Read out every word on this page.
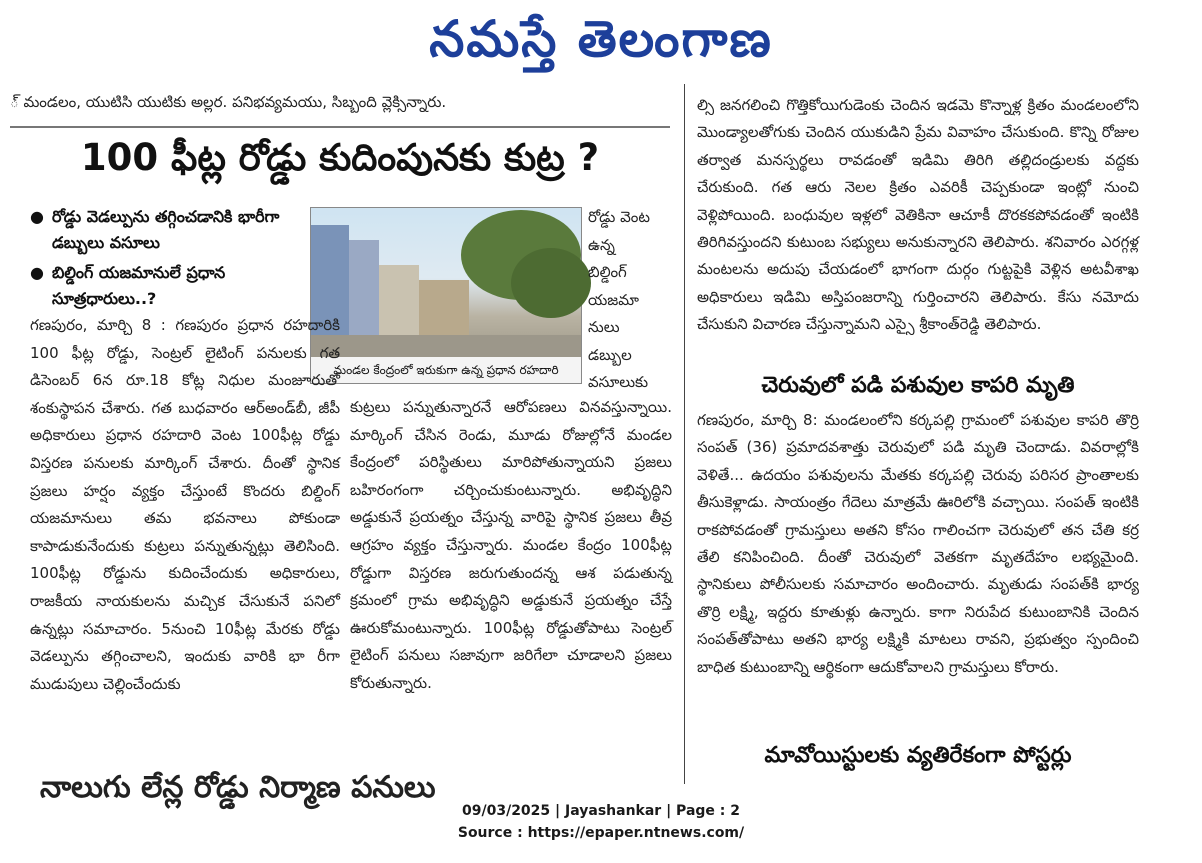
నమస్తే తెలంగాణ
్ మండలం, యుటిసి యుటికు అల్లర. పనిభవ్యమయు, సిబ్బంది వ్లెక్సిన్నారు.
100 ఫీట్ల రోడ్డు కుదింపునకు కుట్ర ?
● రోడ్డు వెడల్పును తగ్గించడానికి భారీగా డబ్బులు వసూలు
● బిల్డింగ్ యజమానులే ప్రధాన సూత్రధారులు..?
మండల కేంద్రంలో ఇరుకుగా ఉన్న ప్రధాన రహదారి
రోడ్డు వెంట
ఉన్న
బిల్డింగ్
యజమా
నులు
డబ్బుల
వసూలుకు
గణపురం, మార్చి 8 : గణపురం ప్రధాన రహదారికి 100 ఫీట్ల రోడ్డు, సెంట్రల్ లైటింగ్ పనులకు గత డిసెంబర్ 6న రూ.18 కోట్ల నిధుల మంజూరుతో శంకుస్థాపన చేశారు. గత బుధవారం ఆర్అండ్‌బీ, జీపీ అధికారులు ప్రధాన రహదారి వెంట 100ఫీట్ల రోడ్డు విస్తరణ పనులకు మార్కింగ్ చేశారు. దీంతో స్థానిక ప్రజలు హర్షం వ్యక్తం చేస్తుంటే కొందరు బిల్డింగ్ యజమానులు తమ భవనాలు పోకుండా కాపాడుకునేందుకు కుట్రలు పన్నుతున్నట్లు తెలిసింది. 100ఫీట్ల రోడ్డును కుదించేందుకు అధికారులు, రాజకీయ నాయకులను మచ్చిక చేసుకునే పనిలో ఉన్నట్లు సమాచారం. 5నుంచి 10ఫీట్ల మేరకు రోడ్డు వెడల్పును తగ్గించాలని, ఇందుకు వారికి భా రీగా ముడుపులు చెల్లించేందుకు
కుట్రలు పన్నుతున్నారనే ఆరోపణలు వినవస్తున్నాయి. మార్కింగ్ చేసిన రెండు, మూడు రోజుల్లోనే మండల కేంద్రంలో పరిస్థితులు మారిపోతున్నాయని ప్రజలు బహిరంగంగా చర్చించుకుంటున్నారు. అభివృద్ధిని అడ్డుకునే ప్రయత్నం చేస్తున్న వారిపై స్థానిక ప్రజలు తీవ్ర ఆగ్రహం వ్యక్తం చేస్తున్నారు. మండల కేంద్రం 100ఫీట్ల రోడ్డుగా విస్తరణ జరుగుతుందన్న ఆశ పడుతున్న క్రమంలో గ్రామ అభివృద్ధిని అడ్డుకునే ప్రయత్నం చేస్తే ఊరుకోమంటున్నారు. 100ఫీట్ల రోడ్డుతోపాటు సెంట్రల్ లైటింగ్ పనులు సజావుగా జరిగేలా చూడాలని ప్రజలు కోరుతున్నారు.
నాలుగు లేన్ల రోడ్డు నిర్మాణ పనులు
ల్సి జనగలించి గొత్తికోయిగుడెంకు చెందిన ఇడమె కొన్నాళ్ల క్రితం మండలంలోని మొండ్యాలతోగుకు చెందిన యుకుడిని ప్రేమ వివాహం చేసుకుంది. కొన్ని రోజుల తర్వాత మనస్పర్థలు రావడంతో ఇడిమి తిరిగి తల్లిదండ్రులకు వద్దకు చేరుకుంది. గత ఆరు నెలల క్రితం ఎవరికీ చెప్పకుండా ఇంట్లో నుంచి వెళ్లిపోయింది. బంధువుల ఇళ్లలో వెతికినా ఆచూకీ దొరకకపోవడంతో ఇంటికి తిరిగివస్తుందని కుటుంబ సభ్యులు అనుకున్నారని తెలిపారు. శనివారం ఎరగ్గళ్ల మంటలను అదుపు చేయడంలో భాగంగా దుర్గం గుట్టపైకి వెళ్లిన అటవీశాఖ అధికారులు ఇడిమి అస్తిపంజరాన్ని గుర్తించారని తెలిపారు. కేసు నమోదు చేసుకుని విచారణ చేస్తున్నామని ఎస్సై శ్రీకాంత్‌రెడ్డి తెలిపారు.
చెరువులో పడి పశువుల కాపరి మృతి
గణపురం, మార్చి 8: మండలంలోని కర్కపల్లి గ్రామంలో పశువుల కాపరి తొర్రి సంపత్ (36) ప్రమాదవశాత్తు చెరువులో పడి మృతి చెందాడు. వివరాల్లోకి వెళితే... ఉదయం పశువులను మేతకు కర్కపల్లి చెరువు పరిసర ప్రాంతాలకు తీసుకెళ్లాడు. సాయంత్రం గేదెలు మాత్రమే ఊరిలోకి వచ్చాయి. సంపత్ ఇంటికి రాకపోవడంతో గ్రామస్తులు అతని కోసం గాలించగా చెరువులో తన చేతి కర్ర తేలి కనిపించింది. దీంతో చెరువులో వెతకగా మృతదేహం లభ్యమైంది. స్థానికులు పోలీసులకు సమాచారం అందించారు. మృతుడు సంపత్‌కి భార్య తొర్రి లక్ష్మి, ఇద్దరు కూతుళ్లు ఉన్నారు. కాగా నిరుపేద కుటుంబానికి చెందిన సంపత్‌తోపాటు అతని భార్య లక్ష్మికి మాటలు రావని, ప్రభుత్వం స్పందించి బాధిత కుటుంబాన్ని ఆర్థికంగా ఆదుకోవాలని గ్రామస్తులు కోరారు.
మావోయిస్టులకు వ్యతిరేకంగా పోస్టర్లు
09/03/2025 | Jayashankar | Page : 2
Source : https://epaper.ntnews.com/
